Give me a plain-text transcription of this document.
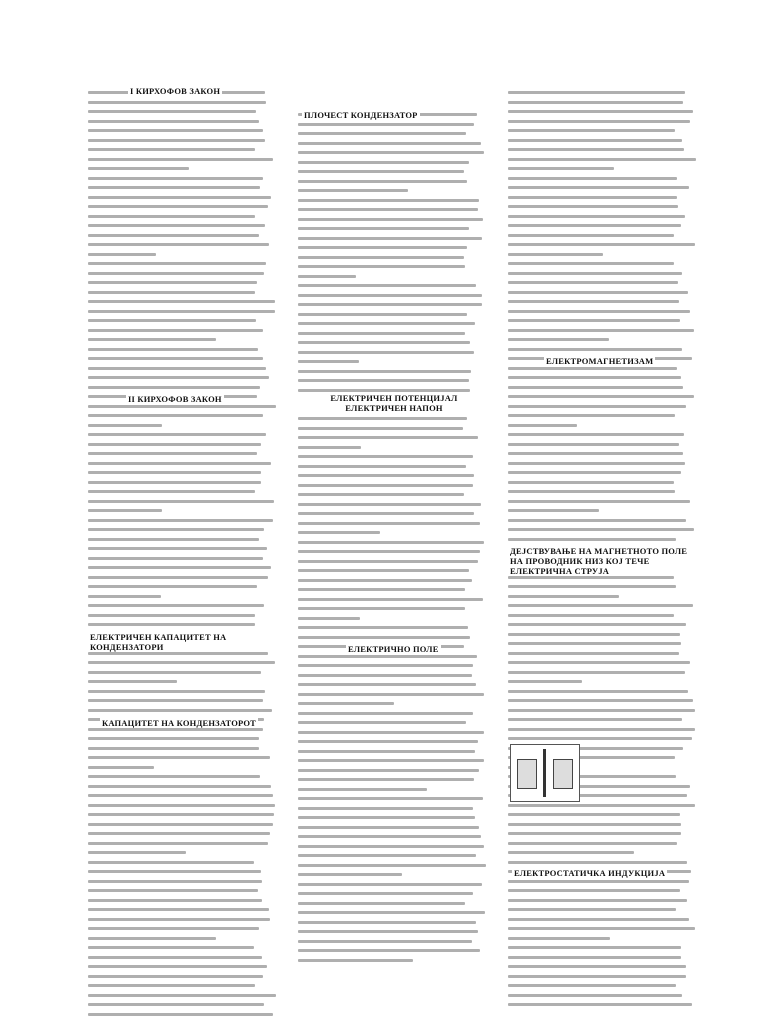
I КИРХОФОВ ЗАКОН
II КИРХОФОВ ЗАКОН
ЕЛЕКТРИЧЕН КАПАЦИТЕТ НА КОНДЕНЗАТОРИ
КАПАЦИТЕТ НА КОНДЕНЗАТОРОТ
ПЛОЧЕСТ КОНДЕНЗАТОР
ЕЛЕКТРИЧЕН ПОТЕНЦИЈАЛ ЕЛЕКТРИЧЕН НАПОН
ЕЛЕКТРИЧНО ПОЛЕ
ЕЛЕКТРОМАГНЕТИЗАМ
ДЕЈСТВУВАЊЕ НА МАГНЕТНОТО ПОЛЕ НА ПРОВОДНИК НИЗ КОЈ ТЕЧЕ ЕЛЕКТРИЧНА СТРУЈА
ЕЛЕКТРОСТАТИЧКА ИНДУКЦИЈА
